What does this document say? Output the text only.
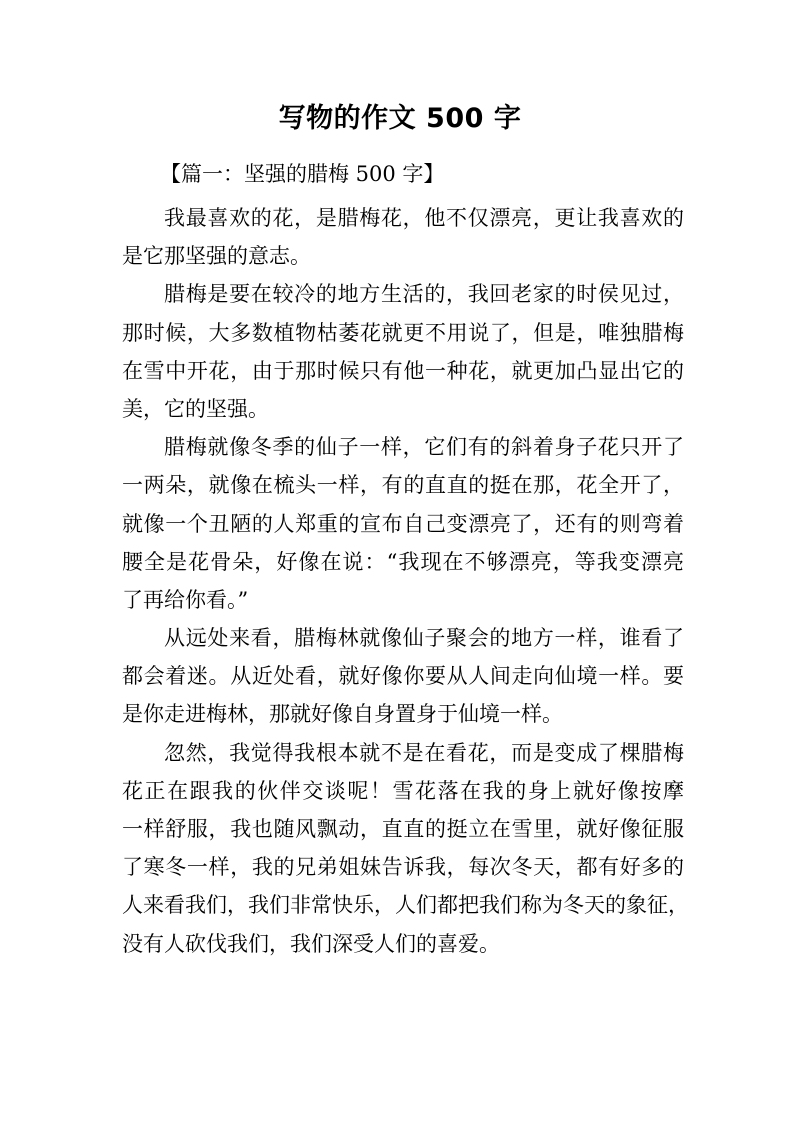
写物的作文 500 字
【篇一：坚强的腊梅 500 字】
我最喜欢的花，是腊梅花，他不仅漂亮，更让我喜欢的
是它那坚强的意志。
腊梅是要在较冷的地方生活的，我回老家的时侯见过，
那时候，大多数植物枯萎花就更不用说了，但是，唯独腊梅
在雪中开花，由于那时候只有他一种花，就更加凸显出它的
美，它的坚强。
腊梅就像冬季的仙子一样，它们有的斜着身子花只开了
一两朵，就像在梳头一样，有的直直的挺在那，花全开了，
就像一个丑陋的人郑重的宣布自己变漂亮了，还有的则弯着
腰全是花骨朵，好像在说：“我现在不够漂亮，等我变漂亮
了再给你看。”
从远处来看，腊梅林就像仙子聚会的地方一样，谁看了
都会着迷。从近处看，就好像你要从人间走向仙境一样。要
是你走进梅林，那就好像自身置身于仙境一样。
忽然，我觉得我根本就不是在看花，而是变成了棵腊梅
花正在跟我的伙伴交谈呢！雪花落在我的身上就好像按摩
一样舒服，我也随风飘动，直直的挺立在雪里，就好像征服
了寒冬一样，我的兄弟姐妹告诉我，每次冬天，都有好多的
人来看我们，我们非常快乐，人们都把我们称为冬天的象征，
没有人砍伐我们，我们深受人们的喜爱。
